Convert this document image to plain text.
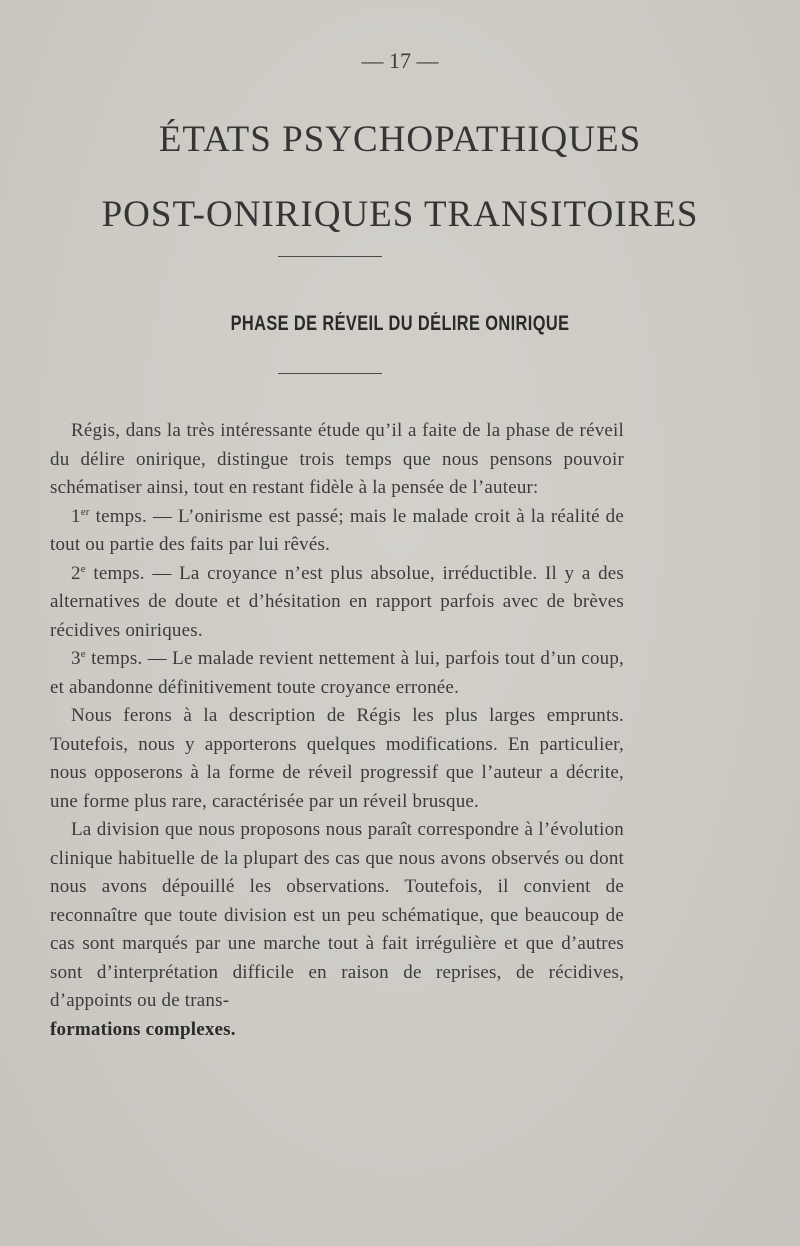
— 17 —
ÉTATS PSYCHOPATHIQUES
POST-ONIRIQUES TRANSITOIRES
PHASE DE RÉVEIL DU DÉLIRE ONIRIQUE

Régis, dans la très intéressante étude qu’il a faite de la phase de réveil du délire onirique, distingue trois temps que nous pensons pouvoir schématiser ainsi, tout en restant fidèle à la pensée de l’auteur:

1er temps. — L’onirisme est passé; mais le malade croit à la réalité de tout ou partie des faits par lui rêvés.

2e temps. — La croyance n’est plus absolue, irréductible. Il y a des alternatives de doute et d’hésitation en rapport parfois avec de brèves récidives oniriques.

3e temps. — Le malade revient nettement à lui, parfois tout d’un coup, et abandonne définitivement toute croyance erronée.

Nous ferons à la description de Régis les plus larges emprunts. Toutefois, nous y apporterons quelques modifications. En particulier, nous opposerons à la forme de réveil progressif que l’auteur a décrite, une forme plus rare, caractérisée par un réveil brusque.

La division que nous proposons nous paraît correspondre à l’évolution clinique habituelle de la plupart des cas que nous avons observés ou dont nous avons dépouillé les observations. Toutefois, il convient de reconnaître que toute division est un peu schématique, que beaucoup de cas sont marqués par une marche tout à fait irrégulière et que d’autres sont d’interprétation difficile en raison de reprises, de récidives, d’appoints ou de trans-

formations complexes.
